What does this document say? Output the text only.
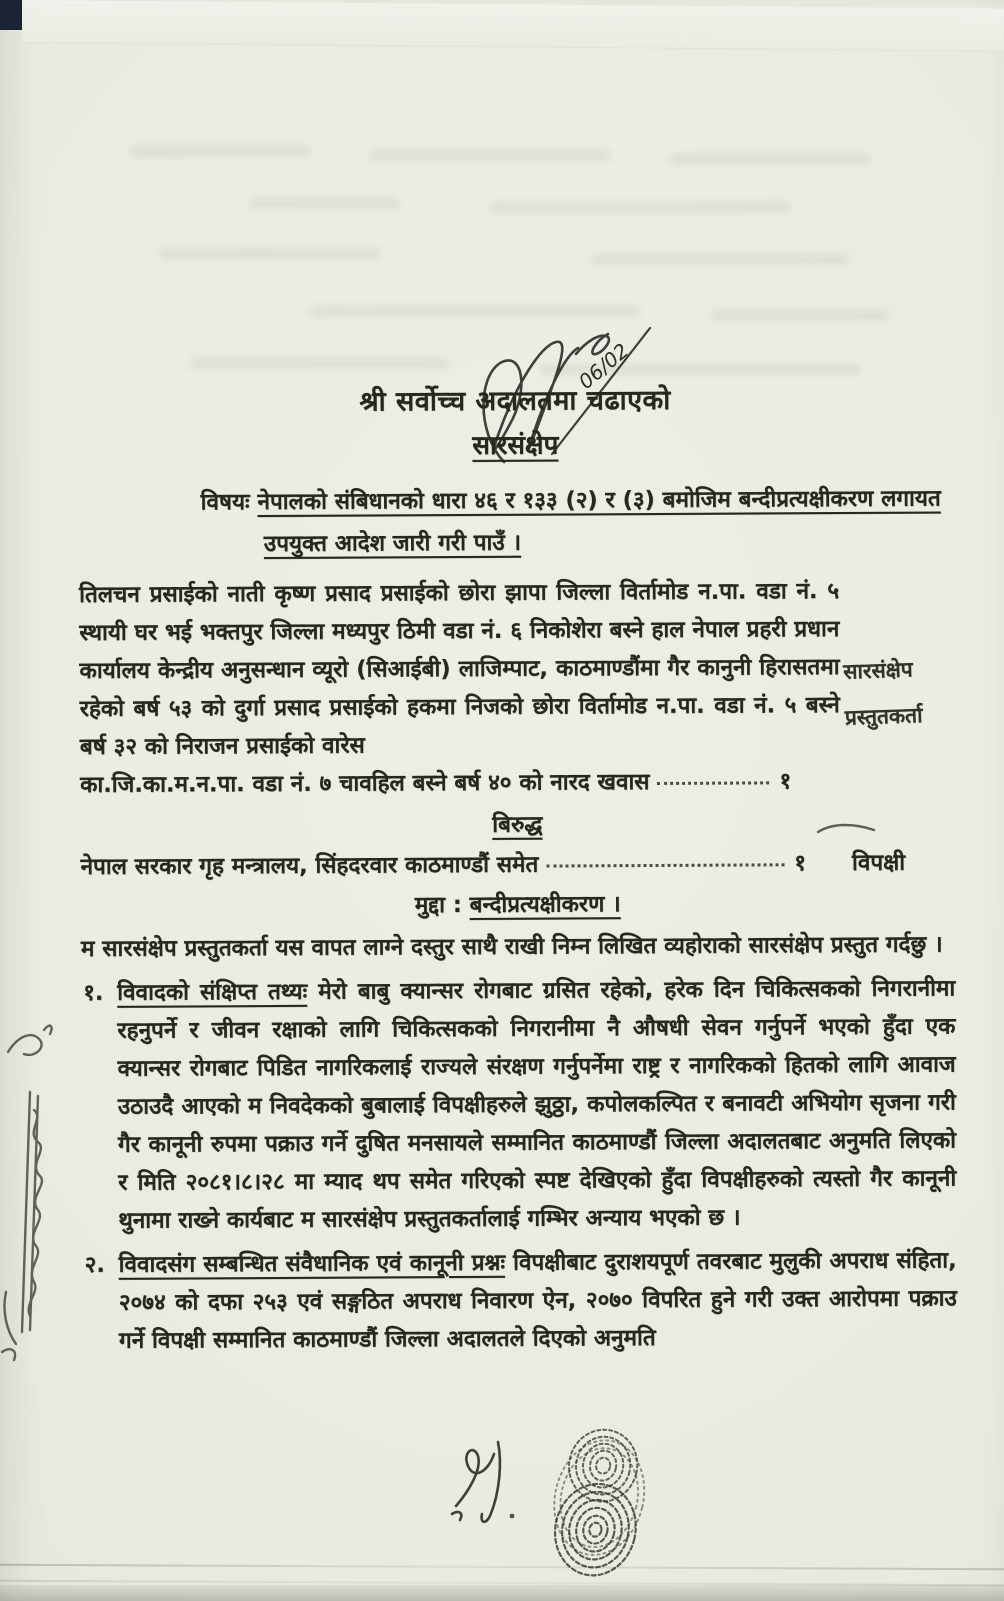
06/02
श्री सर्वोच्च अदालतमा चढाएको
सारसंक्षेप
विषयः नेपालको संबिधानको धारा ४६ र १३३ (२) र (३) बमोजिम बन्दीप्रत्यक्षीकरण लगायत उपयुक्त आदेश जारी गरी पाउँ ।

तिलचन प्रसाईको नाती कृष्ण प्रसाद प्रसाईको छोरा झापा जिल्ला विर्तामोड न.पा. वडा नं. ५ स्थायी घर भई भक्तपुर जिल्ला मध्यपुर ठिमी वडा नं. ६ निकोशेरा बस्ने हाल नेपाल प्रहरी प्रधान कार्यालय केन्द्रीय अनुसन्धान व्यूरो (सिआईबी) लाजिम्पाट, काठमाण्डौंमा गैर कानुनी हिरासतमा रहेको बर्ष ५३ को दुर्गा प्रसाद प्रसाईको हकमा निजको छोरा विर्तामोड न.पा. वडा नं. ५ बस्ने बर्ष ३२ को निराजन प्रसाईको वारेस

का.जि.का.म.न.पा. वडा नं. ७ चावहिल बस्ने बर्ष ४० को नारद खवास	१
बिरुद्ध
नेपाल सरकार गृह मन्त्रालय, सिंहदरवार काठमाण्डौं समेत	१ विपक्षी
मुद्दा : बन्दीप्रत्यक्षीकरण ।

म सारसंक्षेप प्रस्तुतकर्ता यस वापत लाग्ने दस्तुर साथै राखी निम्न लिखित व्यहोराको सारसंक्षेप प्रस्तुत गर्दछु ।

१. विवादको संक्षिप्त तथ्यः मेरो बाबु क्यान्सर रोगबाट ग्रसित रहेको, हरेक दिन चिकित्सकको निगरानीमा रहनुपर्ने र जीवन रक्षाको लागि चिकित्सकको निगरानीमा नै औषधी सेवन गर्नुपर्ने भएको हुँदा एक क्यान्सर रोगबाट पिडित नागरिकलाई राज्यले संरक्षण गर्नुपर्नेमा राष्ट्र र नागरिकको हितको लागि आवाज उठाउदै आएको म निवदेकको बुबालाई विपक्षीहरुले झुठ्ठा, कपोलकल्पित र बनावटी अभियोग सृजना गरी गैर कानूनी रुपमा पक्राउ गर्ने दुषित मनसायले सम्मानित काठमाण्डौं जिल्ला अदालतबाट अनुमति लिएको र मिति २०८१।८।२८ मा म्याद थप समेत गरिएको स्पष्ट देखिएको हुँदा विपक्षीहरुको त्यस्तो गैर कानूनी थुनामा राख्ने कार्यबाट म सारसंक्षेप प्रस्तुतकर्तालाई गम्भिर अन्याय भएको छ ।

२. विवादसंग सम्बन्धित संवैधानिक एवं कानूनी प्रश्नः विपक्षीबाट दुराशयपूर्ण तवरबाट मुलुकी अपराध संहिता, २०७४ को दफा २५३ एवं सङ्गठित अपराध निवारण ऐन, २०७० विपरित हुने गरी उक्त आरोपमा पक्राउ गर्ने विपक्षी सम्मानित काठमाण्डौं जिल्ला अदालतले दिएको अनुमति

सारसंक्षेप
प्रस्तुतकर्ता
